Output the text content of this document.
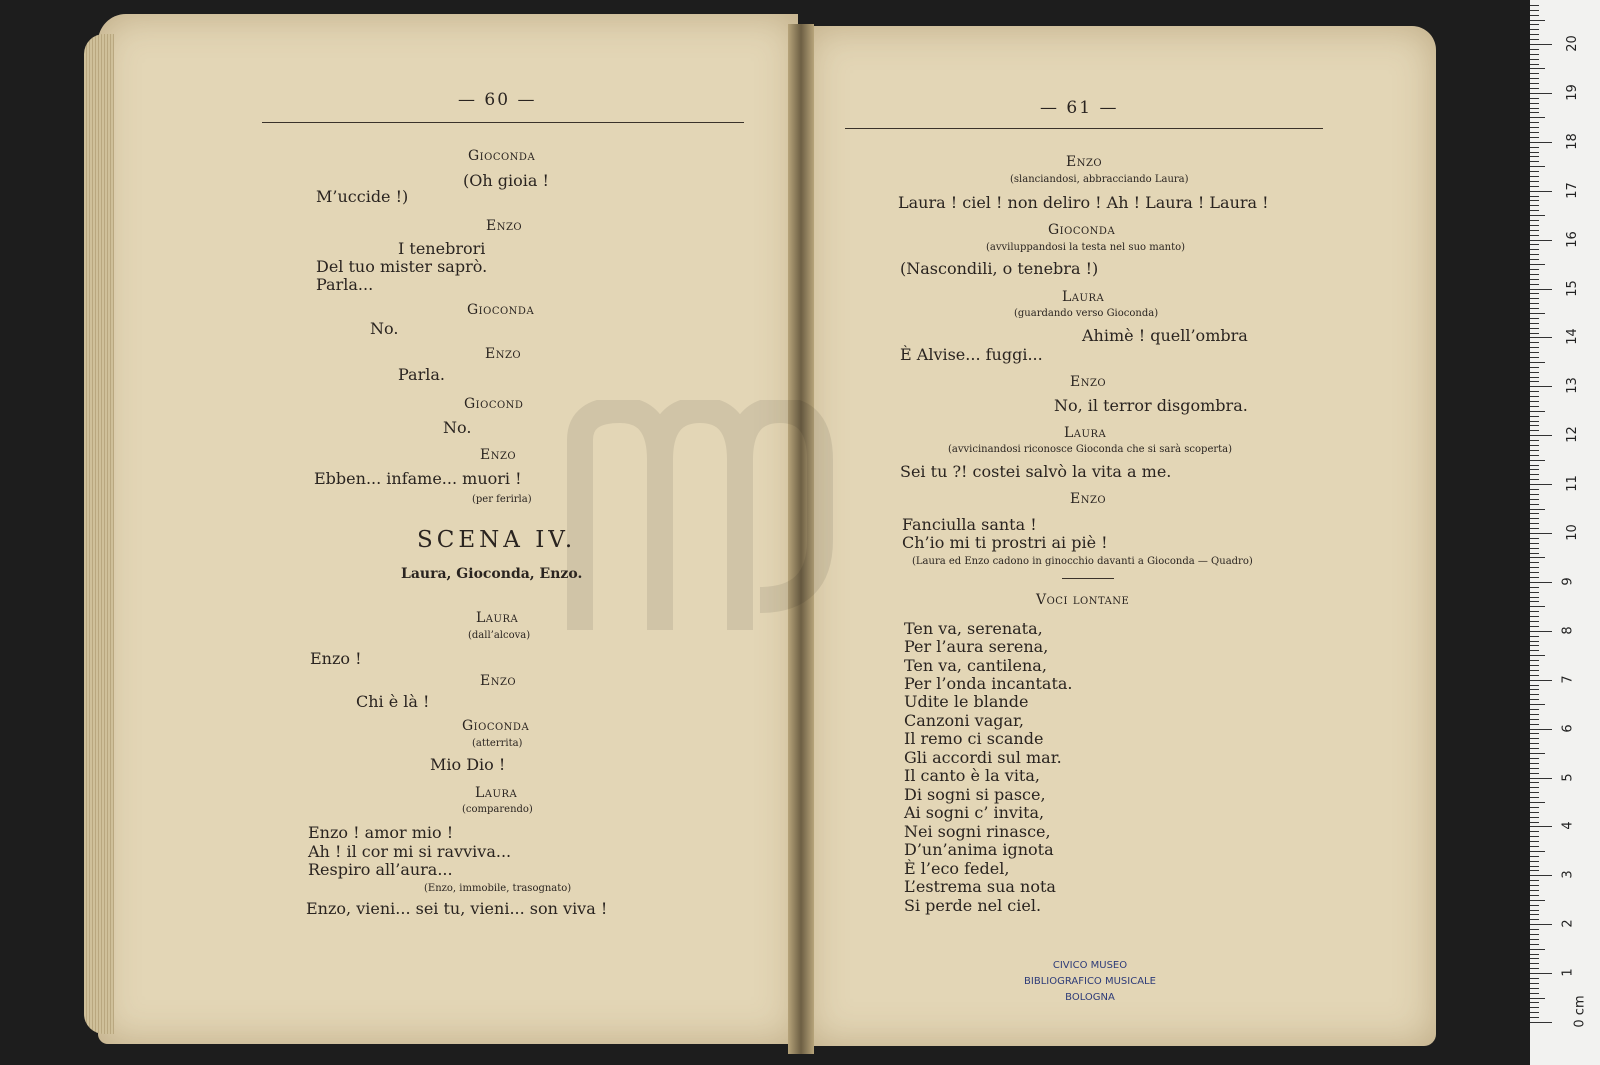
— 60 —	— 61 —
Gioconda
(Oh gioia !
M’uccide !)
Enzo
I tenebrori
Del tuo mister saprò.
Parla...
Gioconda
No.
Enzo
Parla.
Giocond
No.
Enzo
Ebben... infame... muori !
(per ferirla)
Laura
(dall’alcova)
Enzo !
Enzo
Chi è là !
Gioconda
(atterrita)
Mio Dio !
Laura
(comparendo)
Enzo ! amor mio !
Ah ! il cor mi si ravviva...
Respiro all’aura...
(Enzo, immobile, trasognato)
Enzo, vieni... sei tu, vieni... son viva !
Enzo
(slanciandosi, abbracciando Laura)
Laura ! ciel ! non deliro ! Ah ! Laura ! Laura !
Gioconda
(avviluppandosi la testa nel suo manto)
(Nascondili, o tenebra !)
Laura
(guardando verso Gioconda)
Ahimè ! quell’ombra
È Alvise... fuggi...
Enzo
No, il terror disgombra.
Laura
(avvicinandosi riconosce Gioconda che si sarà scoperta)
Sei tu ?! costei salvò la vita a me.
Enzo
Fanciulla santa !
Ch’io mi ti prostri ai piè !
(Laura ed Enzo cadono in ginocchio davanti a Gioconda — Quadro)
Voci lontane
Ten va, serenata,
Per l’aura serena,
Ten va, cantilena,
Per l’onda incantata.
Udite le blande
Canzoni vagar,
Il remo ci scande
Gli accordi sul mar.
Il canto è la vita,
Di sogni si pasce,
Ai sogni c’ invita,
Nei sogni rinasce,
D’un’anima ignota
È l’eco fedel,
L’estrema sua nota
Si perde nel ciel.
SCENA IV.
Laura, Gioconda, Enzo.
CIVICO MUSEO
BIBLIOGRAFICO MUSICALE
BOLOGNA	0 cm
1
2
3
4
5
6
7
8
9
10
11
12
13
14
15
16
17
18
19
20
